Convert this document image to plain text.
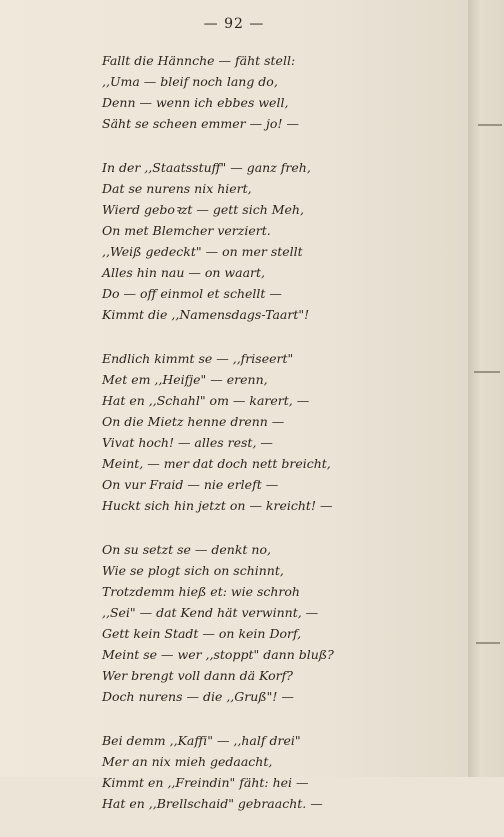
— 92 —
Fallt die Hännche — fäht stell:
,,Uma — bleif noch lang do,
Denn — wenn ich ebbes well,
Säht se scheen emmer — jo! —
In der ,,Staatsstuff" — ganz freh,
Dat se nurens nix hiert,
Wierd geboꝛzt — gett sich Meh,
On met Blemcher verziert.
,,Weiß gedeckt" — on mer stellt
Alles hin nau — on waart,
Do — off einmol et schellt —
Kimmt die ,,Namensdags-Taart"!
Endlich kimmt se — ,,friseert"
Met em ,,Heifje" — erenn,
Hat en ,,Schahl" om — karert, —
On die Mietz henne drenn —
Vivat hoch! — alles rest, —
Meint, — mer dat doch nett breicht,
On vur Fraid — nie erleft —
Huckt sich hin jetzt on — kreicht! —
On su setzt se — denkt no,
Wie se plogt sich on schinnt,
Trotzdemm hieß et: wie schroh
,,Sei" — dat Kend hät verwinnt, —
Gett kein Stadt — on kein Dorf,
Meint se — wer ,,stoppt" dann bluß?
Wer brengt voll dann dä Korf?
Doch nurens — die ,,Gruß"! —
Bei demm ,,Kaffi" — ,,half drei"
Mer an nix mieh gedaacht,
Kimmt en ,,Freindin" fäht: hei —
Hat en ,,Brellschaid" gebraacht. —
